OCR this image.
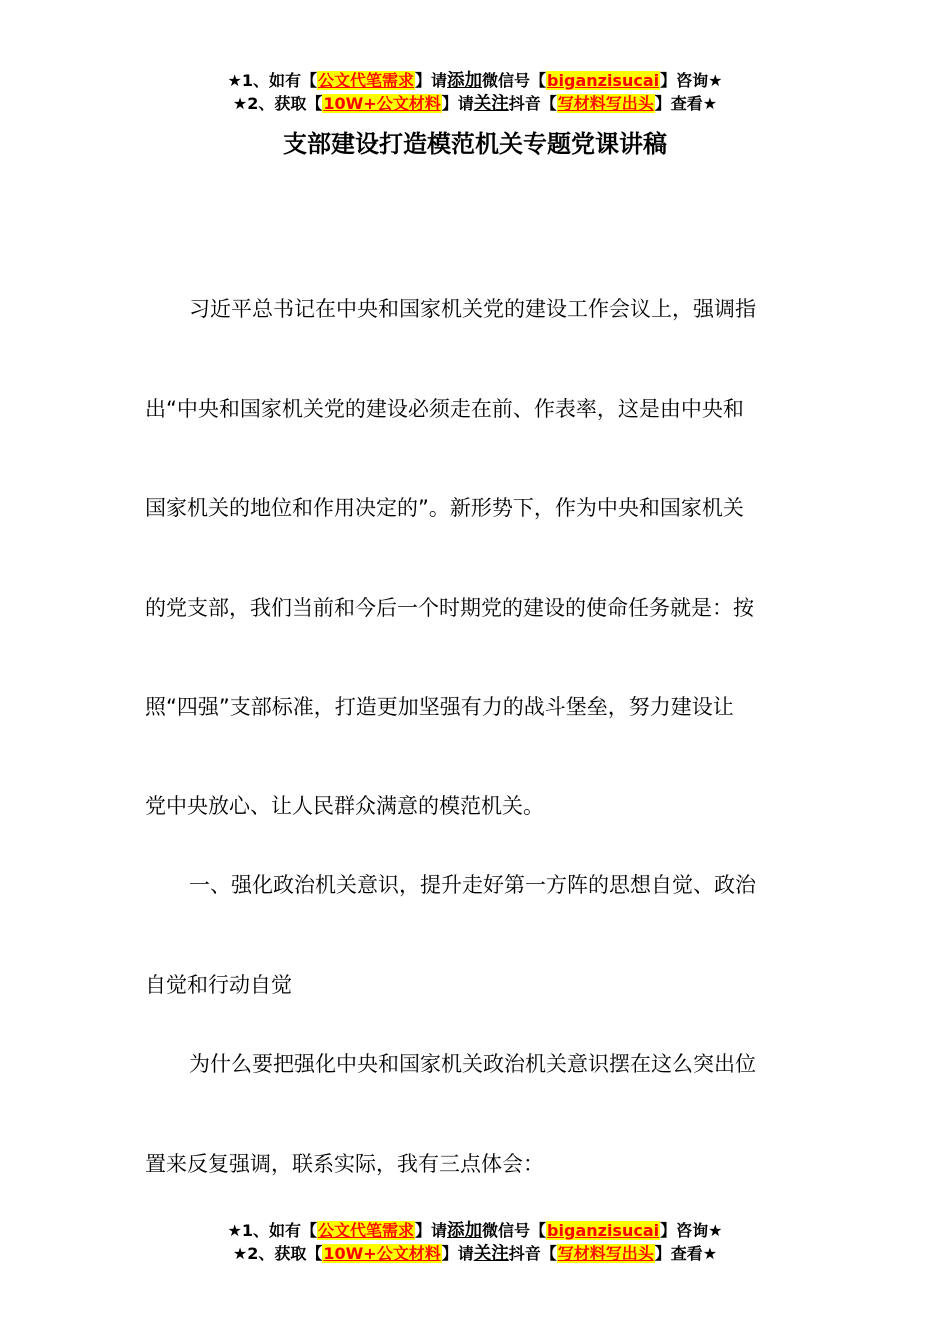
★1、如有【公文代笔需求】请添加微信号【biganzisucai】咨询★
★2、获取【10W+公文材料】请关注抖音【写材料写出头】查看★
支部建设打造模范机关专题党课讲稿
习近平总书记在中央和国家机关党的建设工作会议上，强调指
出“中央和国家机关党的建设必须走在前、作表率，这是由中央和
国家机关的地位和作用决定的”。新形势下，作为中央和国家机关
的党支部，我们当前和今后一个时期党的建设的使命任务就是：按
照“四强”支部标准，打造更加坚强有力的战斗堡垒，努力建设让
党中央放心、让人民群众满意的模范机关。
一、强化政治机关意识，提升走好第一方阵的思想自觉、政治
自觉和行动自觉
为什么要把强化中央和国家机关政治机关意识摆在这么突出位
置来反复强调，联系实际，我有三点体会：
★1、如有【公文代笔需求】请添加微信号【biganzisucai】咨询★
★2、获取【10W+公文材料】请关注抖音【写材料写出头】查看★
